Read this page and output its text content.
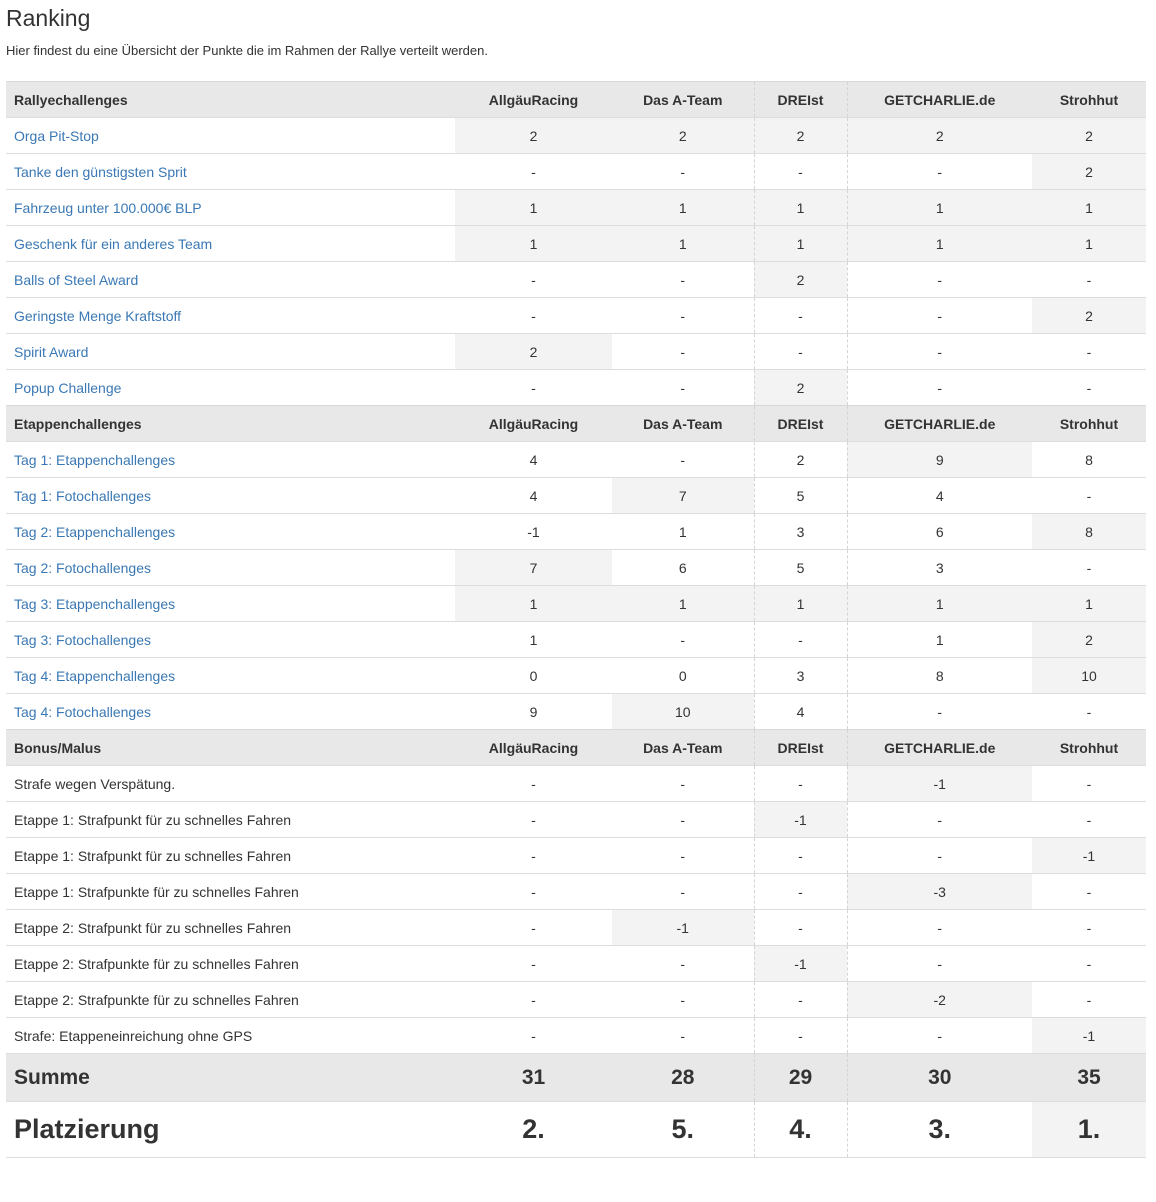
Ranking

Hier findest du eine Übersicht der Punkte die im Rahmen der Rallye verteilt werden.

Rallyechallenges	AllgäuRacing	Das A-Team	DREIst	GETCHARLIE.de	Strohhut
Orga Pit-Stop	2	2	2	2	2
Tanke den günstigsten Sprit	-	-	-	-	2
Fahrzeug unter 100.000€ BLP	1	1	1	1	1
Geschenk für ein anderes Team	1	1	1	1	1
Balls of Steel Award	-	-	2	-	-
Geringste Menge Kraftstoff	-	-	-	-	2
Spirit Award	2	-	-	-	-
Popup Challenge	-	-	2	-	-
Etappenchallenges	AllgäuRacing	Das A-Team	DREIst	GETCHARLIE.de	Strohhut
Tag 1: Etappenchallenges	4	-	2	9	8
Tag 1: Fotochallenges	4	7	5	4	-
Tag 2: Etappenchallenges	-1	1	3	6	8
Tag 2: Fotochallenges	7	6	5	3	-
Tag 3: Etappenchallenges	1	1	1	1	1
Tag 3: Fotochallenges	1	-	-	1	2
Tag 4: Etappenchallenges	0	0	3	8	10
Tag 4: Fotochallenges	9	10	4	-	-
Bonus/Malus	AllgäuRacing	Das A-Team	DREIst	GETCHARLIE.de	Strohhut
Strafe wegen Verspätung.	-	-	-	-1	-
Etappe 1: Strafpunkt für zu schnelles Fahren	-	-	-1	-	-
Etappe 1: Strafpunkt für zu schnelles Fahren	-	-	-	-	-1
Etappe 1: Strafpunkte für zu schnelles Fahren	-	-	-	-3	-
Etappe 2: Strafpunkt für zu schnelles Fahren	-	-1	-	-	-
Etappe 2: Strafpunkte für zu schnelles Fahren	-	-	-1	-	-
Etappe 2: Strafpunkte für zu schnelles Fahren	-	-	-	-2	-
Strafe: Etappeneinreichung ohne GPS	-	-	-	-	-1
Summe	31	28	29	30	35
Platzierung	2.	5.	4.	3.	1.
